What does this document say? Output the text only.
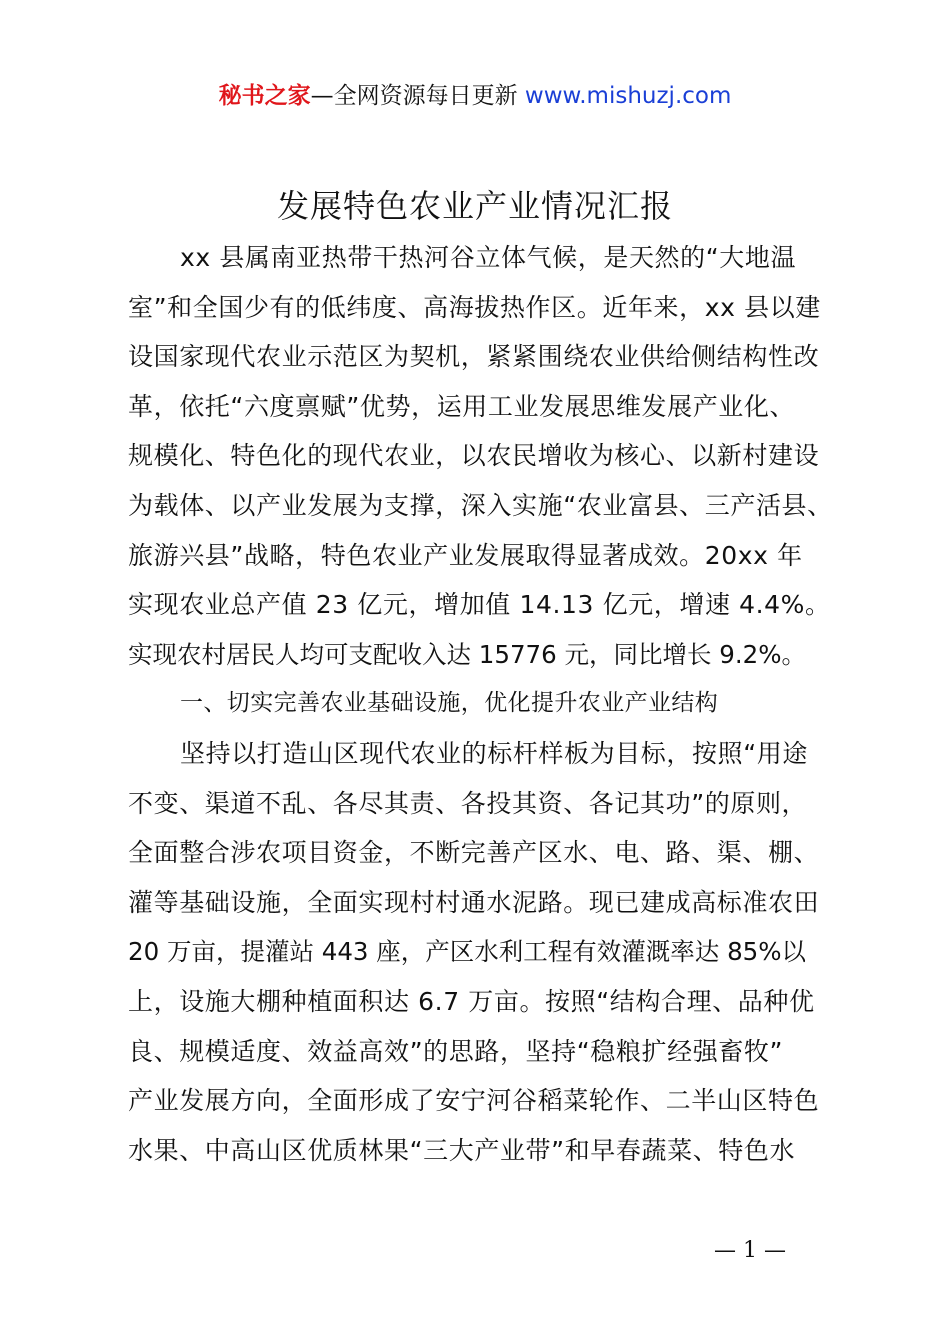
秘书之家—全网资源每日更新 www.mishuzj.com
发展特色农业产业情况汇报
xx 县属南亚热带干热河谷立体气候，是天然的“大地温
室”和全国少有的低纬度、高海拔热作区。近年来，xx 县以建
设国家现代农业示范区为契机，紧紧围绕农业供给侧结构性改
革，依托“六度禀赋”优势，运用工业发展思维发展产业化、
规模化、特色化的现代农业，以农民增收为核心、以新村建设
为载体、以产业发展为支撑，深入实施“农业富县、三产活县、
旅游兴县”战略，特色农业产业发展取得显著成效。20xx 年
实现农业总产值 23 亿元，增加值 14.13 亿元，增速 4.4%。
实现农村居民人均可支配收入达 15776 元，同比增长 9.2%。
一、切实完善农业基础设施，优化提升农业产业结构
坚持以打造山区现代农业的标杆样板为目标，按照“用途
不变、渠道不乱、各尽其责、各投其资、各记其功”的原则，
全面整合涉农项目资金，不断完善产区水、电、路、渠、棚、
灌等基础设施，全面实现村村通水泥路。现已建成高标准农田
20 万亩，提灌站 443 座，产区水利工程有效灌溉率达 85%以
上，设施大棚种植面积达 6.7 万亩。按照“结构合理、品种优
良、规模适度、效益高效”的思路，坚持“稳粮扩经强畜牧”
产业发展方向，全面形成了安宁河谷稻菜轮作、二半山区特色
水果、中高山区优质林果“三大产业带”和早春蔬菜、特色水
— 1 —
